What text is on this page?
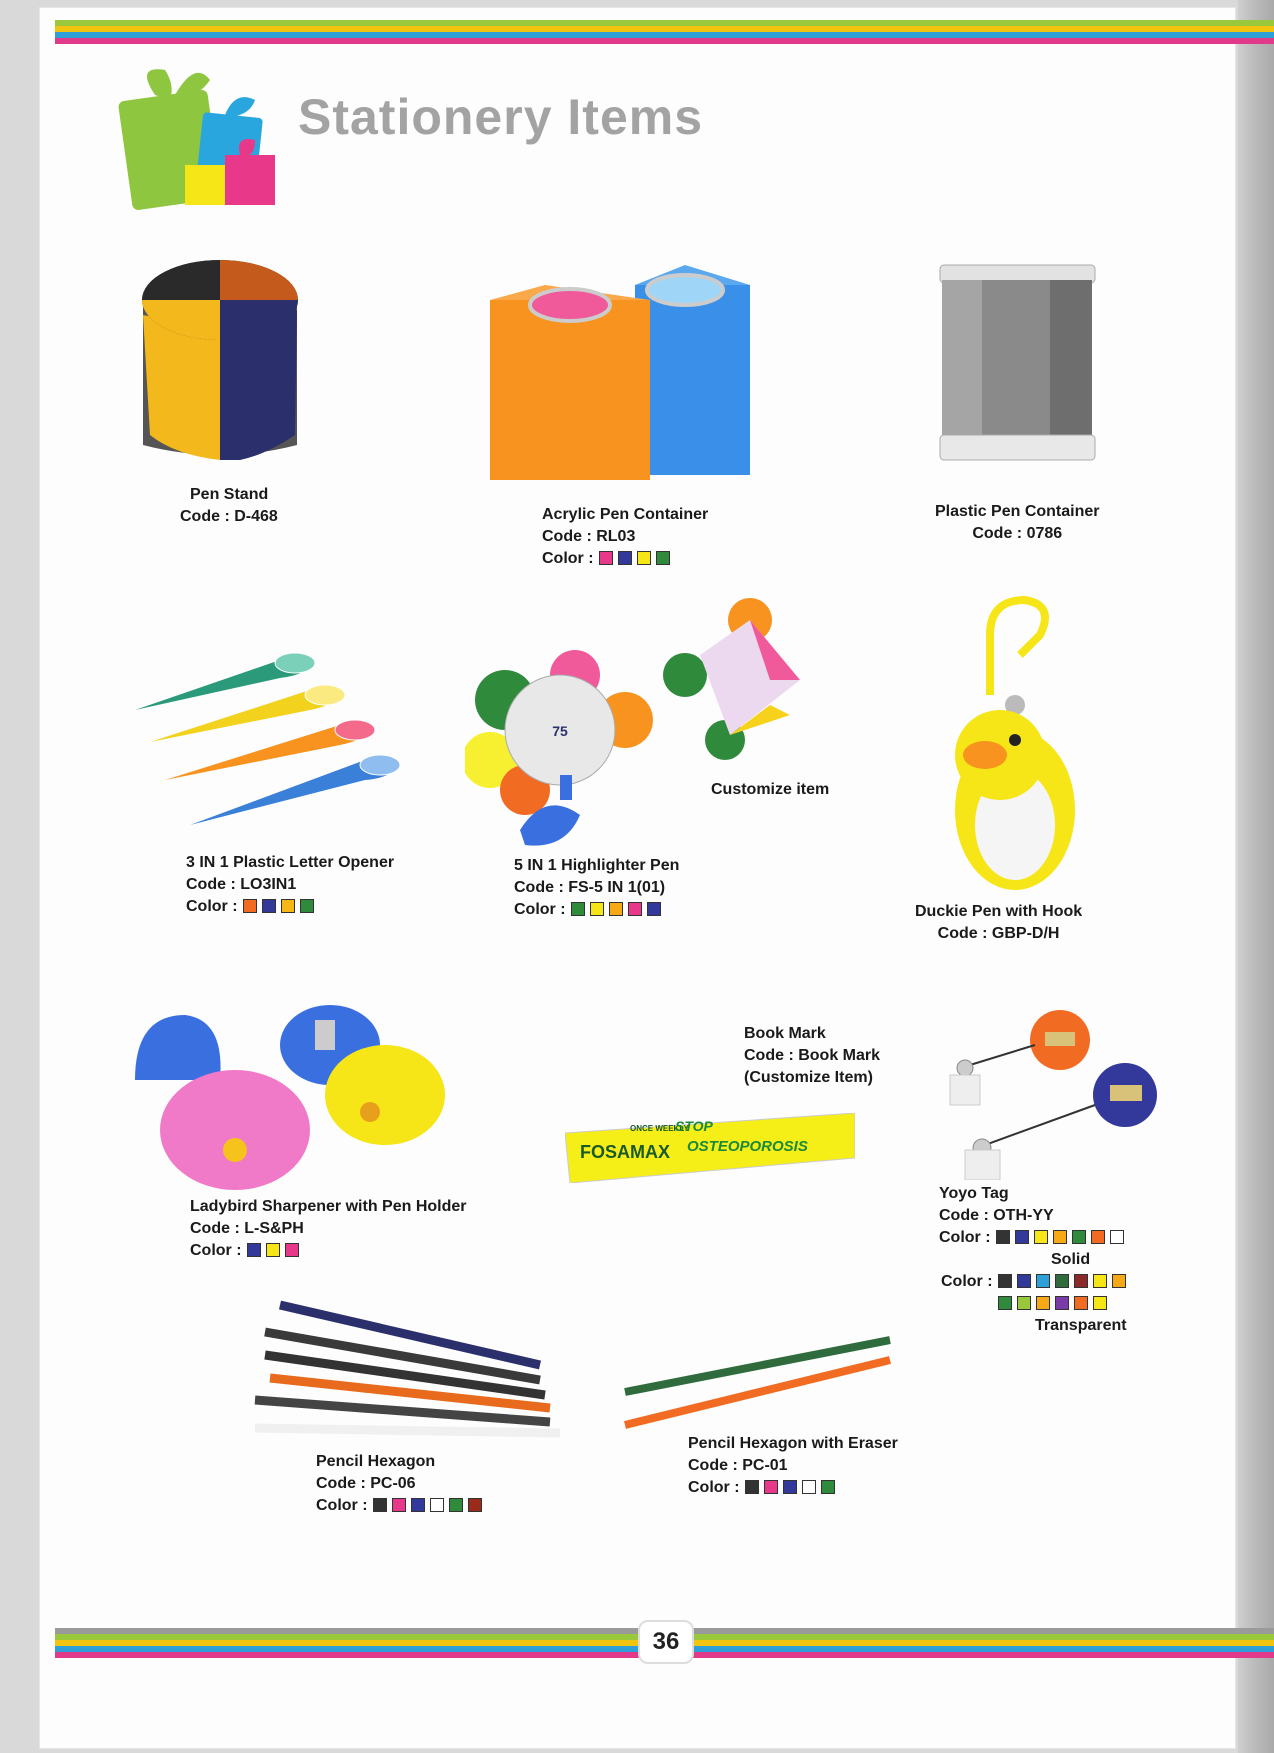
Stationery Items
Pen Stand
Code : D-468	Acrylic Pen Container
Code : RL03
Color :
Plastic Pen Container
Code : 0786
75
3 IN 1 Plastic Letter Opener
Code : LO3IN1
Color :
5 IN 1 Highlighter Pen
Code : FS-5 IN 1(01)
Color :
Customize item
Duckie Pen with Hook
Code : GBP-D/H
ONCE WEEKLY
FOSAMAX
STOP
OSTEOPOROSIS
Ladybird Sharpener with Pen Holder
Code : L-S&PH
Color :
Book Mark
Code : Book Mark
(Customize Item)
Yoyo Tag
Code : OTH-YY
Color :
Solid
Color :
Transparent
Pencil Hexagon
Code : PC-06
Color :
Pencil Hexagon with Eraser
Code : PC-01
Color :
36
